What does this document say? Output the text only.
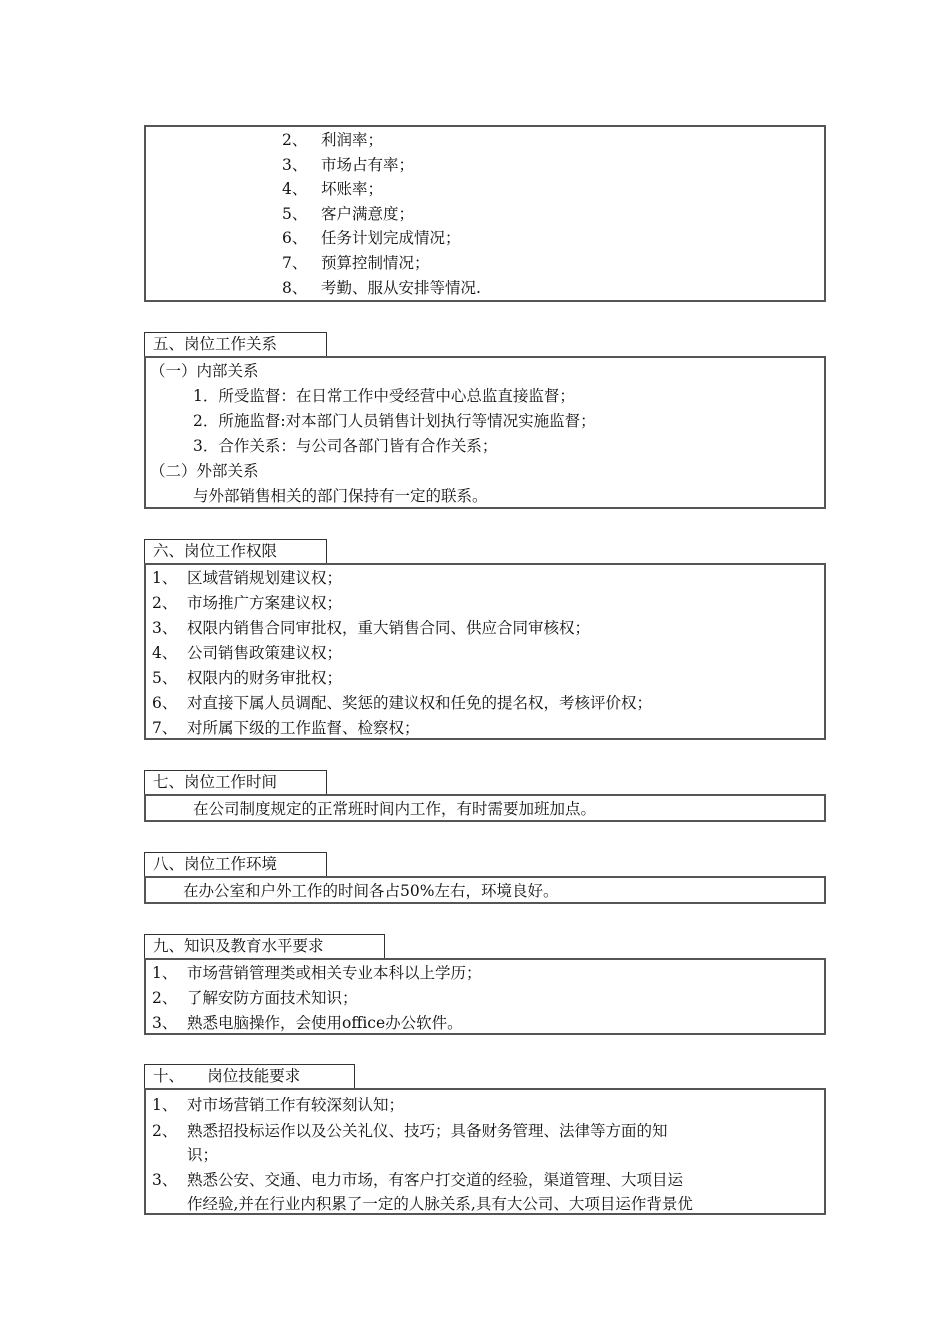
2、 利润率；
3、 市场占有率；
4、 坏账率；
5、 客户满意度；
6、 任务计划完成情况；
7、 预算控制情况；
8、 考勤、服从安排等情况.
五、岗位工作关系
（一）内部关系
1．所受监督：在日常工作中受经营中心总监直接监督；
2．所施监督:对本部门人员销售计划执行等情况实施监督；
3．合作关系：与公司各部门皆有合作关系；
（二）外部关系
与外部销售相关的部门保持有一定的联系。
六、岗位工作权限
1、 区域营销规划建议权；
2、 市场推广方案建议权；
3、 权限内销售合同审批权，重大销售合同、供应合同审核权；
4、 公司销售政策建议权；
5、 权限内的财务审批权；
6、 对直接下属人员调配、奖惩的建议权和任免的提名权，考核评价权；
7、 对所属下级的工作监督、检察权；
七、岗位工作时间
在公司制度规定的正常班时间内工作，有时需要加班加点。
八、岗位工作环境
在办公室和户外工作的时间各占50%左右，环境良好。
九、知识及教育水平要求
1、 市场营销管理类或相关专业本科以上学历；
2、 了解安防方面技术知识；
3、 熟悉电脑操作，会使用office办公软件。
十、　　岗位技能要求
1、 对市场营销工作有较深刻认知；
2、 熟悉招投标运作以及公关礼仪、技巧；具备财务管理、法律等方面的知
识；
3、 熟悉公安、交通、电力市场，有客户打交道的经验，渠道管理、大项目运
作经验,并在行业内积累了一定的人脉关系,具有大公司、大项目运作背景优
